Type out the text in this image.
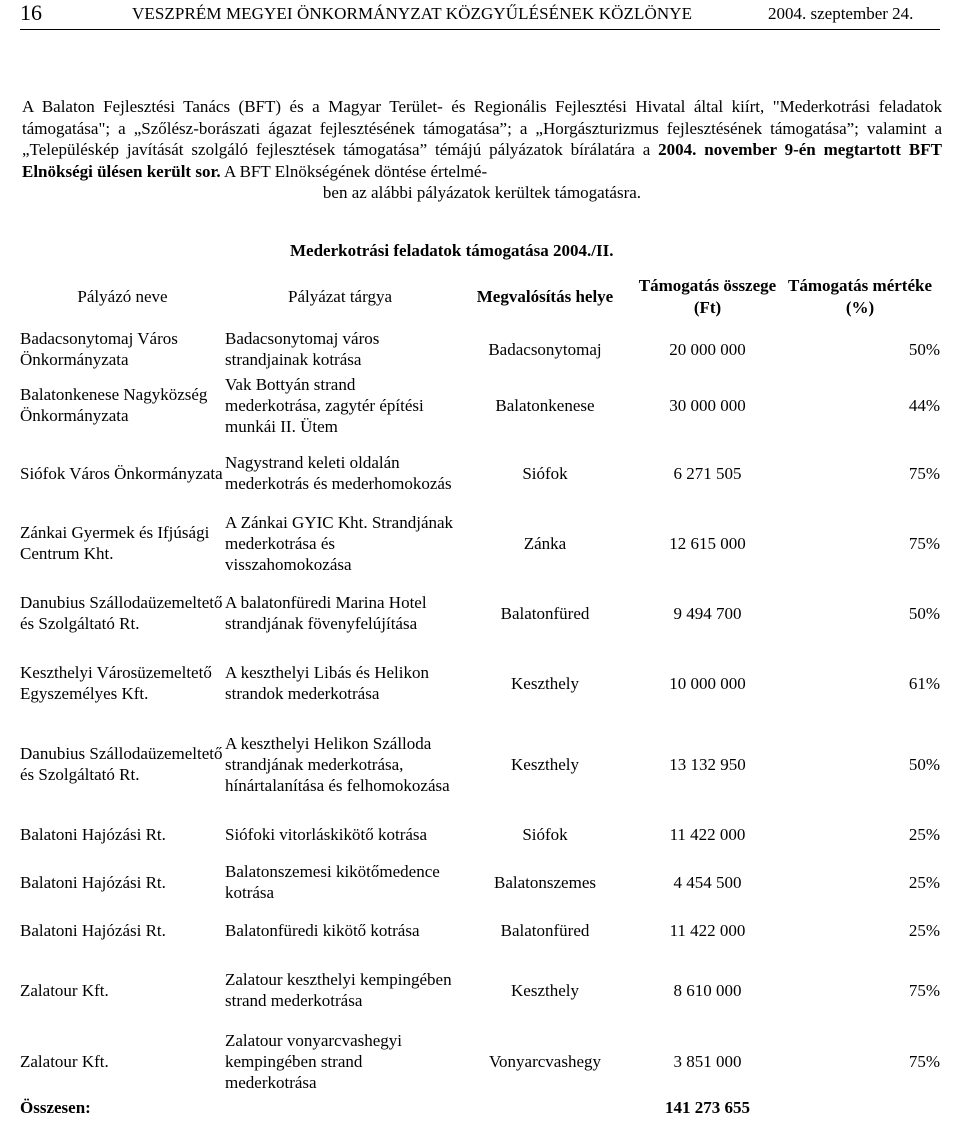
16	VESZPRÉM MEGYEI ÖNKORMÁNYZAT KÖZGYŰLÉSÉNEK KÖZLÖNYE	2004. szeptember 24.
A Balaton Fejlesztési Tanács (BFT) és a Magyar Terület- és Regionális Fejlesztési Hivatal által kiírt, "Mederkotrási feladatok támogatása"; a „Szőlész-borászati ágazat fejlesztésének támogatása”; a „Horgászturizmus fejlesztésének támogatása”; valamint a „Településkép javítását szolgáló fejlesztések támogatása” témájú pályázatok bírálatára a 2004. november 9-én megtartott BFT Elnökségi ülésen került sor. A BFT Elnökségének döntése értelmé-
ben az alábbi pályázatok kerültek támogatásra.
Mederkotrási feladatok támogatása 2004./II.
Pályázó neve	Pályázat tárgya	Megvalósítás helye	Támogatás összege (Ft)	Támogatás mértéke (%)
Badacsonytomaj Város Önkormányzata	Badacsonytomaj város strandjainak kotrása	Badacsonytomaj	20 000 000	50%
Balatonkenese Nagyközség Önkormányzata	Vak Bottyán strand mederkotrása, zagytér építési munkái II. Ütem	Balatonkenese	30 000 000	44%
Siófok Város Önkormányzata	Nagystrand keleti oldalán mederkotrás és mederhomokozás	Siófok	6 271 505	75%
Zánkai Gyermek és Ifjúsági Centrum Kht.	A Zánkai GYIC Kht. Strandjának mederkotrása és visszahomokozása	Zánka	12 615 000	75%
Danubius Szállodaüzemeltető és Szolgáltató Rt.	A balatonfüredi Marina Hotel strandjának fövenyfelújítása	Balatonfüred	9 494 700	50%
Keszthelyi Városüzemeltető Egyszemélyes Kft.	A keszthelyi Libás és Helikon strandok mederkotrása	Keszthely	10 000 000	61%
Danubius Szállodaüzemeltető és Szolgáltató Rt.	A keszthelyi Helikon Szálloda strandjának mederkotrása, hínártalanítása és felhomokozása	Keszthely	13 132 950	50%
Balatoni Hajózási Rt.	Siófoki vitorláskikötő kotrása	Siófok	11 422 000	25%
Balatoni Hajózási Rt.	Balatonszemesi kikötőmedence kotrása	Balatonszemes	4 454 500	25%
Balatoni Hajózási Rt.	Balatonfüredi kikötő kotrása	Balatonfüred	11 422 000	25%
Zalatour Kft.	Zalatour keszthelyi kempingében strand mederkotrása	Keszthely	8 610 000	75%
Zalatour Kft.	Zalatour vonyarcvashegyi kempingében strand mederkotrása	Vonyarcvashegy	3 851 000	75%
Összesen:			141 273 655	
